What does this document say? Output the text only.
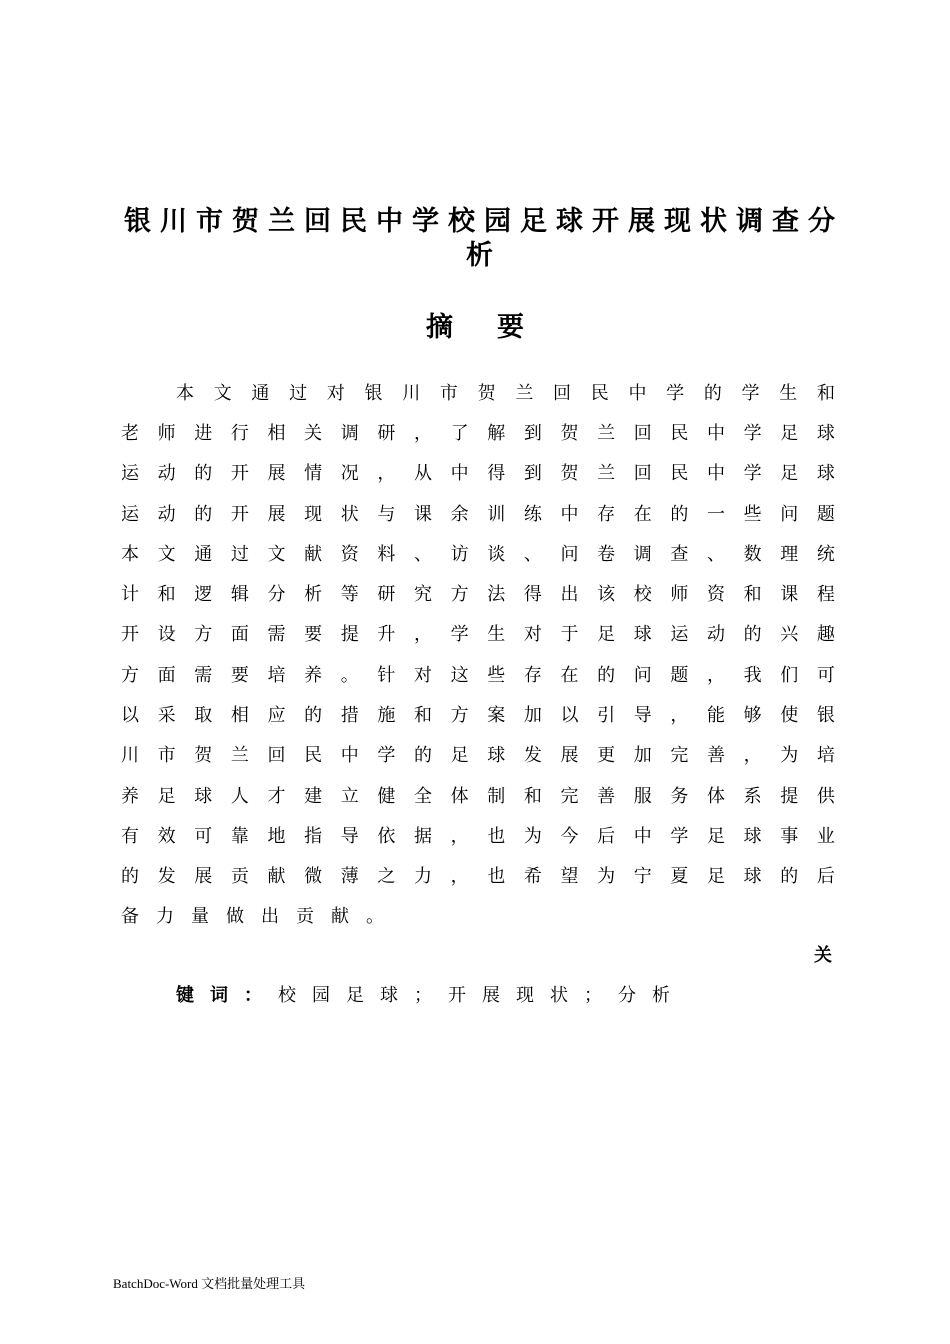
银川市贺兰回民中学校园足球开展现状调查分析
摘要
本 文 通 过 对 银 川 市 贺 兰 回 民 中 学 的 学 生 和
老 师 进 行 相 关 调 研 ， 了 解 到 贺 兰 回 民 中 学 足 球
运 动 的 开 展 情 况 ， 从 中 得 到 贺 兰 回 民 中 学 足 球
运 动 的 开 展 现 状 与 课 余 训 练 中 存 在 的 一 些 问 题
本 文 通 过 文 献 资 料 、 访 谈 、 问 卷 调 查 、 数 理 统
计 和 逻 辑 分 析 等 研 究 方 法 得 出 该 校 师 资 和 课 程
开 设 方 面 需 要 提 升 ， 学 生 对 于 足 球 运 动 的 兴 趣
方 面 需 要 培 养 。 针 对 这 些 存 在 的 问 题 ， 我 们 可
以 采 取 相 应 的 措 施 和 方 案 加 以 引 导 ， 能 够 使 银
川 市 贺 兰 回 民 中 学 的 足 球 发 展 更 加 完 善 ， 为 培
养 足 球 人 才 建 立 健 全 体 制 和 完 善 服 务 体 系 提 供
有 效 可 靠 地 指 导 依 据 ， 也 为 今 后 中 学 足 球 事 业
的 发 展 贡 献 微 薄 之 力 ， 也 希 望 为 宁 夏 足 球 的 后
备 力 量 做 出 贡 献 。
关
键词：校园足球；开展现状；分析
BatchDoc-Word 文档批量处理工具
